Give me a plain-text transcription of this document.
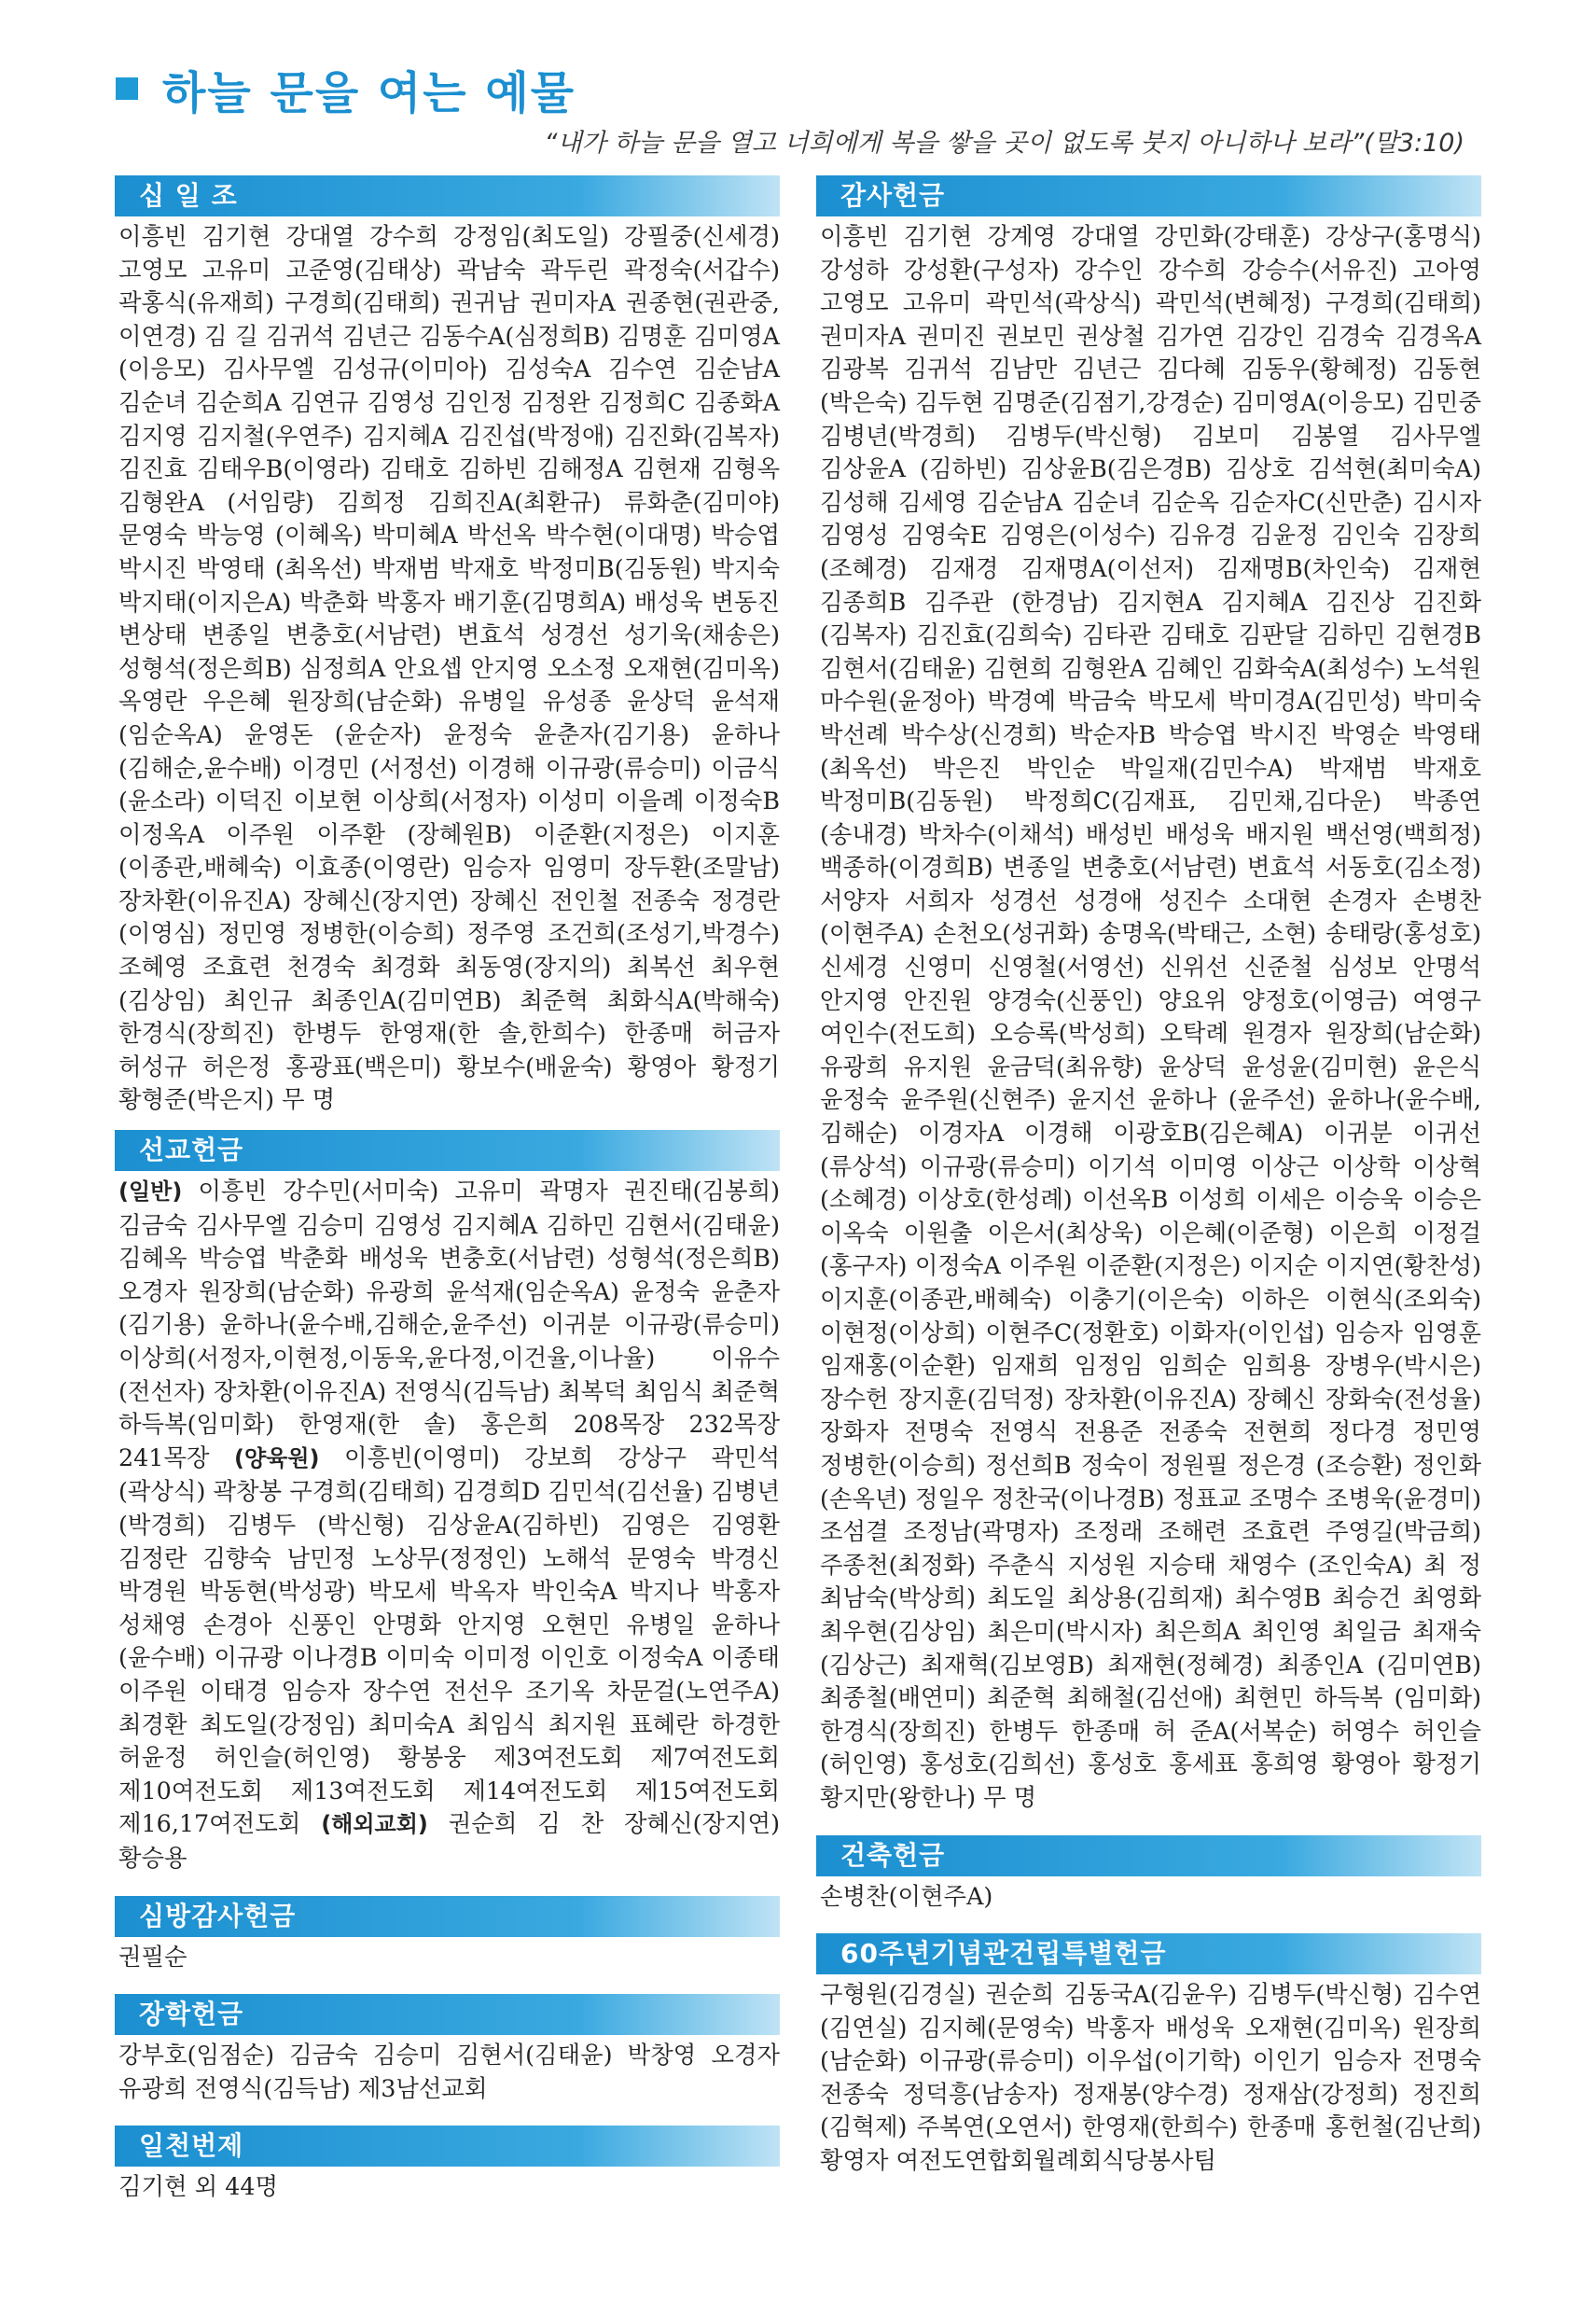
하늘 문을 여는 예물
“내가 하늘 문을 열고 너희에게 복을 쌓을 곳이 없도록 붓지 아니하나 보라”(말3:10)
십 일 조
이흥빈 김기현 강대열 강수희 강정임(최도일) 강필중(신세경) 고영모 고유미 고준영(김태상) 곽남숙 곽두린 곽정숙(서갑수) 곽홍식(유재희) 구경희(김태희) 권귀남 권미자A 권종현(권관중, 이연경) 김 길 김귀석 김년근 김동수A(심정희B) 김명훈 김미영A (이응모) 김사무엘 김성규(이미아) 김성숙A 김수연 김순남A 김순녀 김순희A 김연규 김영성 김인정 김정완 김정희C 김종화A 김지영 김지철(우연주) 김지혜A 김진섭(박정애) 김진화(김복자) 김진효 김태우B(이영라) 김태호 김하빈 김해정A 김현재 김형옥 김형완A (서임량) 김희정 김희진A(최환규) 류화춘(김미야) 문영숙 박능영 (이혜옥) 박미혜A 박선옥 박수현(이대명) 박승엽 박시진 박영태 (최옥선) 박재범 박재호 박정미B(김동원) 박지숙 박지태(이지은A) 박춘화 박홍자 배기훈(김명희A) 배성욱 변동진 변상태 변종일 변충호(서남련) 변효석 성경선 성기욱(채송은) 성형석(정은희B) 심정희A 안요셉 안지영 오소정 오재현(김미옥) 옥영란 우은혜 원장희(남순화) 유병일 유성종 윤상덕 윤석재(임순옥A) 윤영돈 (윤순자) 윤정숙 윤춘자(김기용) 윤하나(김해순,윤수배) 이경민 (서정선) 이경해 이규광(류승미) 이금식(윤소라) 이덕진 이보현 이상희(서정자) 이성미 이을례 이정숙B 이정옥A 이주원 이주환 (장혜원B) 이준환(지정은) 이지훈(이종관,배혜숙) 이효종(이영란) 임승자 임영미 장두환(조말남) 장차환(이유진A) 장혜신(장지연) 장혜신 전인철 전종숙 정경란(이영심) 정민영 정병한(이승희) 정주영 조건희(조성기,박경수) 조혜영 조효련 천경숙 최경화 최동영(장지의) 최복선 최우현(김상임) 최인규 최종인A(김미연B) 최준혁 최화식A(박해숙) 한경식(장희진) 한병두 한영재(한 솔,한희수) 한종매 허금자 허성규 허은정 홍광표(백은미) 황보수(배윤숙) 황영아 황정기 황형준(박은지) 무 명
선교헌금
(일반) 이흥빈 강수민(서미숙) 고유미 곽명자 권진태(김봉희) 김금숙 김사무엘 김승미 김영성 김지혜A 김하민 김현서(김태윤) 김혜옥 박승엽 박춘화 배성욱 변충호(서남련) 성형석(정은희B) 오경자 원장희(남순화) 유광희 윤석재(임순옥A) 윤정숙 윤춘자 (김기용) 윤하나(윤수배,김해순,윤주선) 이귀분 이규광(류승미) 이상희(서정자,이현정,이동욱,윤다정,이건율,이나율) 이유수 (전선자) 장차환(이유진A) 전영식(김득남) 최복덕 최임식 최준혁 하득복(임미화) 한영재(한 솔) 홍은희 208목장 232목장 241목장 (양육원) 이흥빈(이영미) 강보희 강상구 곽민석(곽상식) 곽창봉 구경희(김태희) 김경희D 김민석(김선율) 김병년(박경희) 김병두 (박신형) 김상윤A(김하빈) 김영은 김영환 김정란 김향숙 남민정 노상무(정정인) 노해석 문영숙 박경신 박경원 박동현(박성광) 박모세 박옥자 박인숙A 박지나 박홍자 성채영 손경아 신풍인 안명화 안지영 오현민 유병일 윤하나(윤수배) 이규광 이나경B 이미숙 이미정 이인호 이정숙A 이종태 이주원 이태경 임승자 장수연 전선우 조기옥 차문걸(노연주A) 최경환 최도일(강정임) 최미숙A 최임식 최지원 표혜란 하경한 허윤정 허인슬(허인영) 황봉웅 제3여전도회 제7여전도회 제10여전도회 제13여전도회 제14여전도회 제15여전도회 제16,17여전도회 (해외교회) 권순희 김 찬 장혜신(장지연) 황승용
심방감사헌금
권필순
장학헌금
강부호(임점순) 김금숙 김승미 김현서(김태윤) 박창영 오경자 유광희 전영식(김득남) 제3남선교회
일천번제
김기현 외 44명
감사헌금
이흥빈 김기현 강계영 강대열 강민화(강태훈) 강상구(홍명식) 강성하 강성환(구성자) 강수인 강수희 강승수(서유진) 고아영 고영모 고유미 곽민석(곽상식) 곽민석(변혜정) 구경희(김태희) 권미자A 권미진 권보민 권상철 김가연 김강인 김경숙 김경옥A 김광복 김귀석 김남만 김년근 김다혜 김동우(황혜정) 김동현 (박은숙) 김두현 김명준(김점기,강경순) 김미영A(이응모) 김민중 김병년(박경희) 김병두(박신형) 김보미 김봉열 김사무엘 김상윤A (김하빈) 김상윤B(김은경B) 김상호 김석현(최미숙A) 김성해 김세영 김순남A 김순녀 김순옥 김순자C(신만춘) 김시자 김영성 김영숙E 김영은(이성수) 김유경 김윤정 김인숙 김장희(조혜경) 김재경 김재명A(이선저) 김재명B(차인숙) 김재현 김종희B 김주관 (한경남) 김지현A 김지혜A 김진상 김진화(김복자) 김진효(김희숙) 김타관 김태호 김판달 김하민 김현경B 김현서(김태윤) 김현희 김형완A 김혜인 김화숙A(최성수) 노석원 마수원(윤정아) 박경예 박금숙 박모세 박미경A(김민성) 박미숙 박선례 박수상(신경희) 박순자B 박승엽 박시진 박영순 박영태(최옥선) 박은진 박인순 박일재(김민수A) 박재범 박재호 박정미B(김동원) 박정희C(김재표, 김민채,김다운) 박종연(송내경) 박차수(이채석) 배성빈 배성욱 배지원 백선영(백희정) 백종하(이경희B) 변종일 변충호(서남련) 변효석 서동호(김소정) 서양자 서희자 성경선 성경애 성진수 소대현 손경자 손병찬(이현주A) 손천오(성귀화) 송명옥(박태근, 소현) 송태랑(홍성호) 신세경 신영미 신영철(서영선) 신위선 신준철 심성보 안명석 안지영 안진원 양경숙(신풍인) 양요위 양정호(이영금) 여영구 여인수(전도희) 오승록(박성희) 오탁례 원경자 원장희(남순화) 유광희 유지원 윤금덕(최유향) 윤상덕 윤성윤(김미현) 윤은식 윤정숙 윤주원(신현주) 윤지선 윤하나 (윤주선) 윤하나(윤수배,김해순) 이경자A 이경해 이광호B(김은혜A) 이귀분 이귀선(류상석) 이규광(류승미) 이기석 이미영 이상근 이상학 이상혁(소혜경) 이상호(한성례) 이선옥B 이성희 이세은 이승욱 이승은 이옥숙 이원출 이은서(최상욱) 이은혜(이준형) 이은희 이정걸(홍구자) 이정숙A 이주원 이준환(지정은) 이지순 이지연(황찬성) 이지훈(이종관,배혜숙) 이충기(이은숙) 이하은 이현식(조외숙) 이현정(이상희) 이현주C(정환호) 이화자(이인섭) 임승자 임영훈 임재홍(이순환) 임재희 임정임 임희순 임희용 장병우(박시은) 장수헌 장지훈(김덕정) 장차환(이유진A) 장혜신 장화숙(전성율) 장화자 전명숙 전영식 전용준 전종숙 전현희 정다경 정민영 정병한(이승희) 정선희B 정숙이 정원필 정은경 (조승환) 정인화(손옥년) 정일우 정찬국(이나경B) 정표교 조명수 조병욱(윤경미) 조섬결 조정남(곽명자) 조정래 조해련 조효련 주영길(박금희) 주종천(최정화) 주춘식 지성원 지승태 채영수 (조인숙A) 최 정 최남숙(박상희) 최도일 최상용(김희재) 최수영B 최승건 최영화 최우현(김상임) 최은미(박시자) 최은희A 최인영 최일금 최재숙(김상근) 최재혁(김보영B) 최재현(정혜경) 최종인A (김미연B) 최종철(배연미) 최준혁 최해철(김선애) 최현민 하득복 (임미화) 한경식(장희진) 한병두 한종매 허 준A(서복순) 허영수 허인슬(허인영) 홍성호(김희선) 홍성호 홍세표 홍희영 황영아 황정기 황지만(왕한나) 무 명
건축헌금
손병찬(이현주A)
60주년기념관건립특별헌금
구형원(김경실) 권순희 김동국A(김윤우) 김병두(박신형) 김수연 (김연실) 김지혜(문영숙) 박홍자 배성욱 오재현(김미옥) 원장희 (남순화) 이규광(류승미) 이우섭(이기학) 이인기 임승자 전명숙 전종숙 정덕흥(남송자) 정재봉(양수경) 정재삼(강정희) 정진희 (김혁제) 주복연(오연서) 한영재(한희수) 한종매 홍헌철(김난희) 황영자 여전도연합회월례회식당봉사팀
